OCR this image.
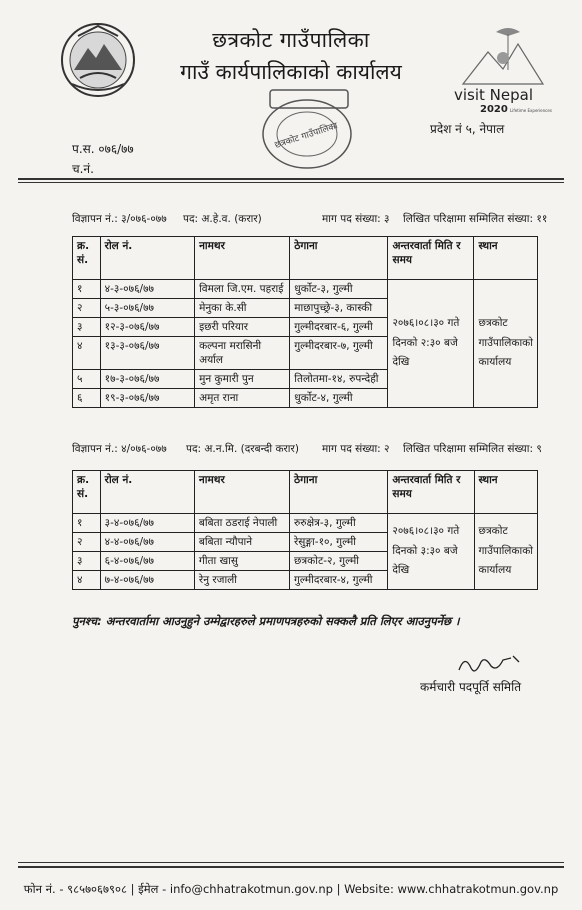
छत्रकोट गाउँपालिका
गाउँ कार्यपालिकाको कार्यालय
visit Nepal
2020 Lifetime Experiences
छत्रकोट गाउँपालिका	प्रदेश नं ५, नेपाल
प.स. ०७६/७७
च.नं.
विज्ञापन नं.: ३/०७६-०७७	पद: अ.हे.व. (करार)	माग पद संख्या: ३	लिखित परिक्षामा सम्मिलित संख्या: ११
क्र. सं.	रोल नं.	नामथर	ठेगाना	अन्तरवार्ता मिति र समय	स्थान
१	४-३-०७६/७७	विमला जि.एम. पहराई	धुर्कोट-३, गुल्मी	२०७६।०८।३० गते दिनको २:३० बजे देखि	छत्रकोट गाउँपालिकाको कार्यालय
२	५-३-०७६/७७	मेनुका के.सी	माछापुच्छ्रे-३, कास्की		
३	१२-३-०७६/७७	इछरी परियार	गुल्मीदरबार-६, गुल्मी		
४	१३-३-०७६/७७	कल्पना मरासिनी अर्याल	गुल्मीदरबार-७, गुल्मी		
५	१७-३-०७६/७७	मुन कुमारी पुन	तिलोतमा-१४, रुपन्देही		
६	१९-३-०७६/७७	अमृत राना	धुर्कोट-४, गुल्मी		
विज्ञापन नं.: ४/०७६-०७७	पद: अ.न.मि. (दरबन्दी करार)	माग पद संख्या: २	लिखित परिक्षामा सम्मिलित संख्या: ९
क्र. सं.	रोल नं.	नामथर	ठेगाना	अन्तरवार्ता मिति र समय	स्थान
१	३-४-०७६/७७	बबिता ठडराई नेपाली	रुरुक्षेत्र-३, गुल्मी	२०७६।०८।३० गते दिनको ३:३० बजे देखि	छत्रकोट गाउँपालिकाको कार्यालय
२	४-४-०७६/७७	बबिता न्यौपाने	रेसुङ्गा-१०, गुल्मी		
३	६-४-०७६/७७	गीता खासु	छत्रकोट-२, गुल्मी		
४	७-४-०७६/७७	रेनु रजाली	गुल्मीदरबार-४, गुल्मी		
पुनश्च: अन्तरवार्तामा आउनुहुने उम्मेद्वारहरुले प्रमाणपत्रहरुको सक्कलै प्रति लिएर आउनुपर्नेछ ।
कर्मचारी पदपूर्ति समिति
फोन नं. - ९८५७०६७९०८ | ईमेल - info@chhatrakotmun.gov.np | Website: www.chhatrakotmun.gov.np
